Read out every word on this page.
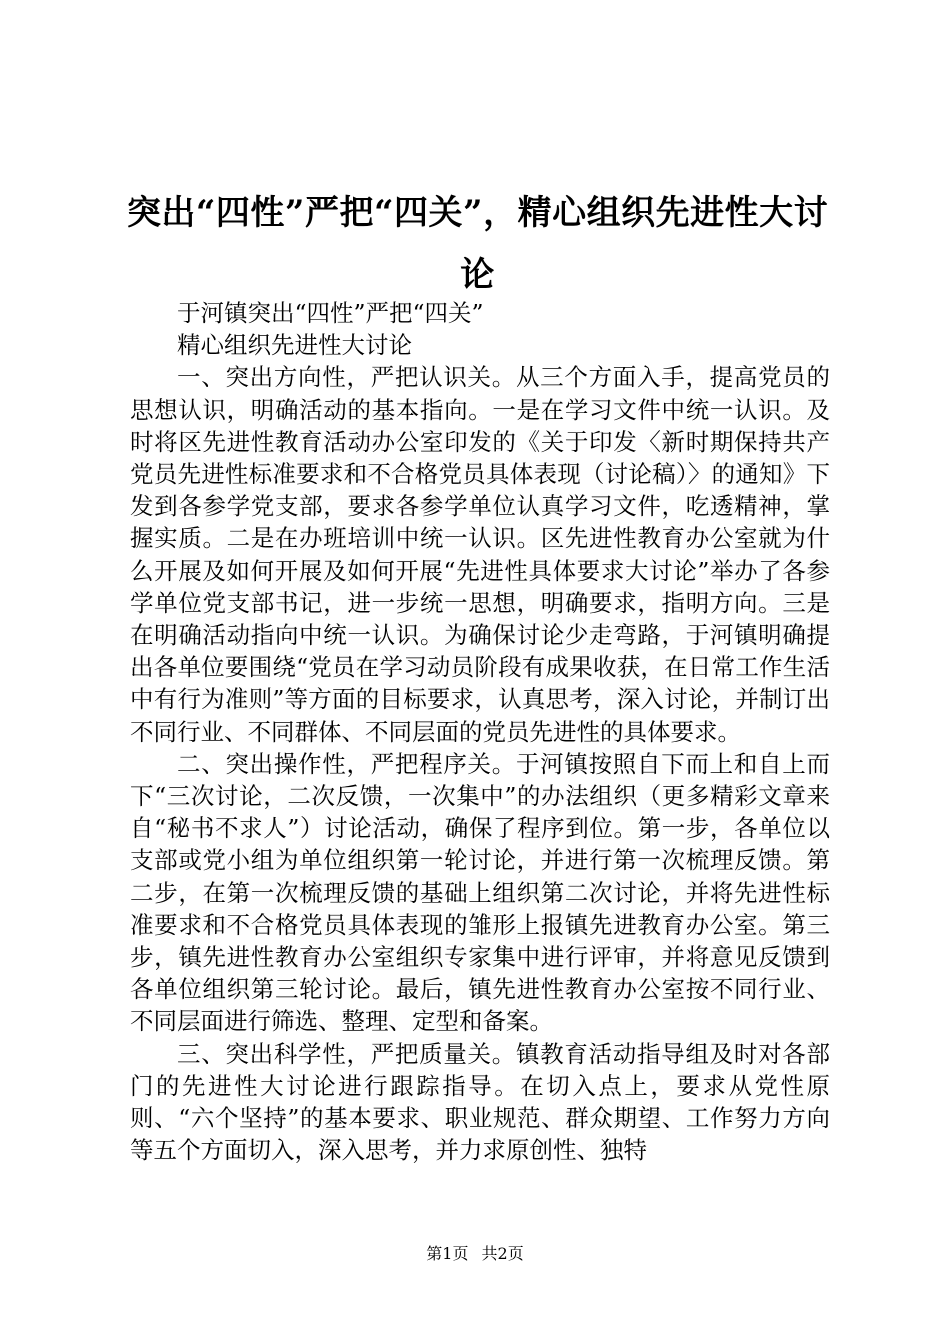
突出“四性”严把“四关”，精心组织先进性大讨论

于河镇突出“四性”严把“四关”

精心组织先进性大讨论

一、突出方向性，严把认识关。从三个方面入手，提高党员的思想认识，明确活动的基本指向。一是在学习文件中统一认识。及时将区先进性教育活动办公室印发的《关于印发〈新时期保持共产党员先进性标准要求和不合格党员具体表现（讨论稿）〉的通知》下发到各参学党支部，要求各参学单位认真学习文件，吃透精神，掌握实质。二是在办班培训中统一认识。区先进性教育办公室就为什么开展及如何开展及如何开展“先进性具体要求大讨论”举办了各参学单位党支部书记，进一步统一思想，明确要求，指明方向。三是在明确活动指向中统一认识。为确保讨论少走弯路，于河镇明确提出各单位要围绕“党员在学习动员阶段有成果收获，在日常工作生活中有行为准则”等方面的目标要求，认真思考，深入讨论，并制订出不同行业、不同群体、不同层面的党员先进性的具体要求。

二、突出操作性，严把程序关。于河镇按照自下而上和自上而下“三次讨论，二次反馈，一次集中”的办法组织（更多精彩文章来自“秘书不求人”）讨论活动，确保了程序到位。第一步，各单位以支部或党小组为单位组织第一轮讨论，并进行第一次梳理反馈。第二步，在第一次梳理反馈的基础上组织第二次讨论，并将先进性标准要求和不合格党员具体表现的雏形上报镇先进教育办公室。第三步，镇先进性教育办公室组织专家集中进行评审，并将意见反馈到各单位组织第三轮讨论。最后，镇先进性教育办公室按不同行业、不同层面进行筛选、整理、定型和备案。

三、突出科学性，严把质量关。镇教育活动指导组及时对各部门的先进性大讨论进行跟踪指导。在切入点上，要求从党性原则、“六个坚持”的基本要求、职业规范、群众期望、工作努力方向等五个方面切入，深入思考，并力求原创性、独特

第1页 共2页
